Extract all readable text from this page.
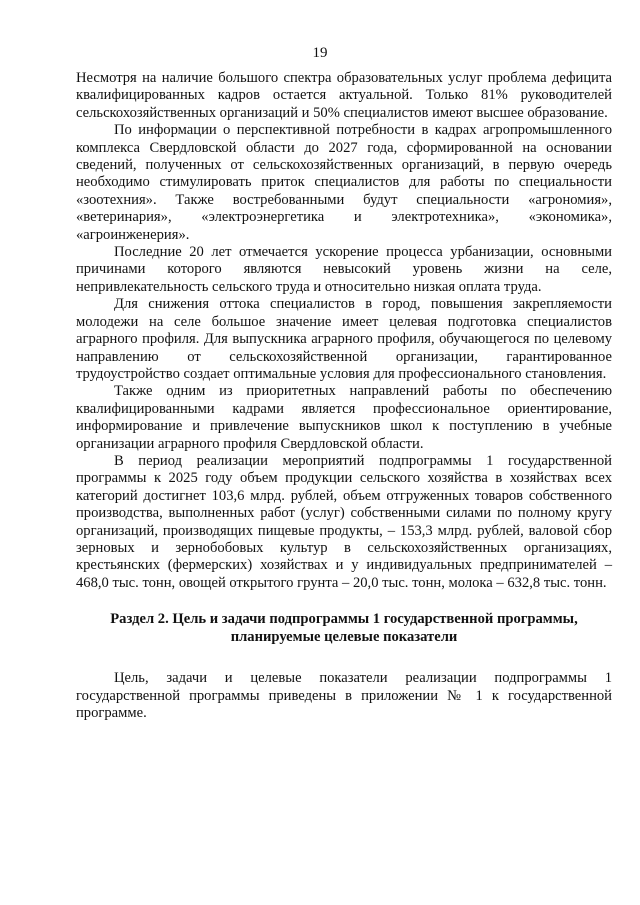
19

Несмотря на наличие большого спектра образовательных услуг проблема дефицита квалифицированных кадров остается актуальной. Только 81% руководителей сельскохозяйственных организаций и 50% специалистов имеют высшее образование.

По информации о перспективной потребности в кадрах агропромышленного комплекса Свердловской области до 2027 года, сформированной на основании сведений, полученных от сельскохозяйственных организаций, в первую очередь необходимо стимулировать приток специалистов для работы по специальности «зоотехния». Также востребованными будут специальности «агрономия», «ветеринария», «электроэнергетика и электротехника», «экономика», «агроинженерия».

Последние 20 лет отмечается ускорение процесса урбанизации, основными причинами которого являются невысокий уровень жизни на селе, непривлекательность сельского труда и относительно низкая оплата труда.

Для снижения оттока специалистов в город, повышения закрепляемости молодежи на селе большое значение имеет целевая подготовка специалистов аграрного профиля. Для выпускника аграрного профиля, обучающегося по целевому направлению от сельскохозяйственной организации, гарантированное трудоустройство создает оптимальные условия для профессионального становления.

Также одним из приоритетных направлений работы по обеспечению квалифицированными кадрами является профессиональное ориентирование, информирование и привлечение выпускников школ к поступлению в учебные организации аграрного профиля Свердловской области.

В период реализации мероприятий подпрограммы 1 государственной программы к 2025 году объем продукции сельского хозяйства в хозяйствах всех категорий достигнет 103,6 млрд. рублей, объем отгруженных товаров собственного производства, выполненных работ (услуг) собственными силами по полному кругу организаций, производящих пищевые продукты, – 153,3 млрд. рублей, валовой сбор зерновых и зернобобовых культур в сельскохозяйственных организациях, крестьянских (фермерских) хозяйствах и у индивидуальных предпринимателей – 468,0 тыс. тонн, овощей открытого грунта – 20,0 тыс. тонн, молока – 632,8 тыс. тонн.

Раздел 2. Цель и задачи подпрограммы 1 государственной программы,
планируемые целевые показатели

Цель, задачи и целевые показатели реализации подпрограммы 1 государственной программы приведены в приложении № 1 к государственной программе.
